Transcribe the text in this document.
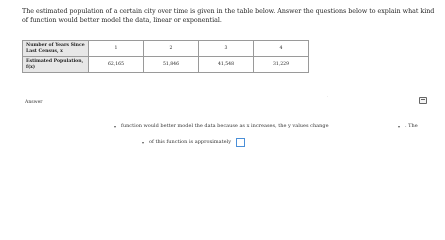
The estimated population of a certain city over time is given in the table below. Answer the questions below to explain what kind of function would better model the data, linear or exponential.
Number of Years Since Last Census, x	1	2	3	4
Estimated Population, f(x)	62,165	51,846	41,548	31,229
Answer
·
▾ function would better model the data because as x increases, the y values change	▾ . The
▾ of this function is approximately
